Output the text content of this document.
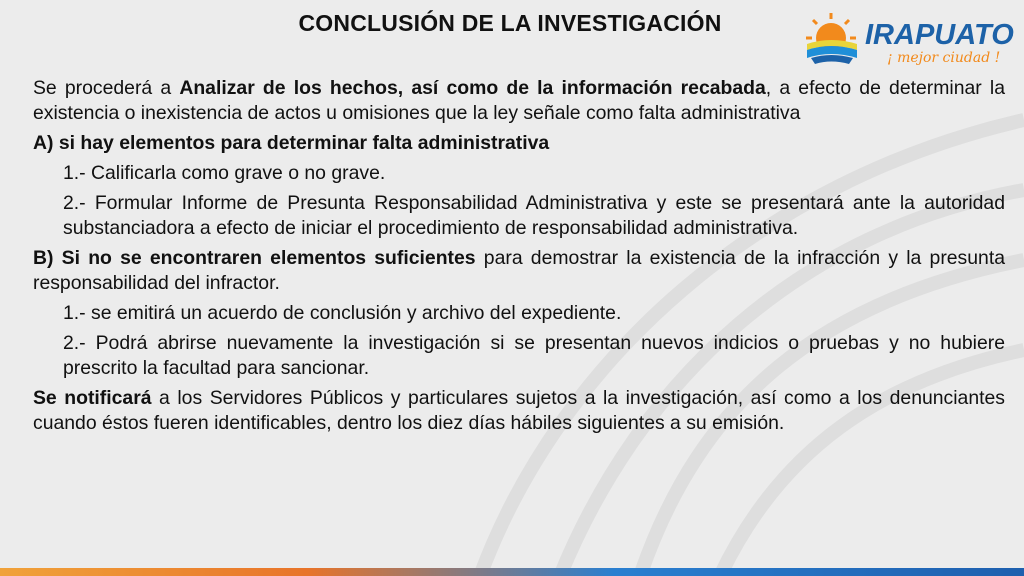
CONCLUSIÓN DE LA INVESTIGACIÓN	IRAPUATO
¡ mejor ciudad !

Se procederá a Analizar de los hechos, así como de la información recabada, a efecto de determinar la existencia o inexistencia de actos u omisiones que la ley señale como falta administrativa

A) si hay elementos para determinar falta administrativa

1.- Calificarla como grave o no grave.

2.- Formular Informe de Presunta Responsabilidad Administrativa y este se presentará ante la autoridad substanciadora a efecto de iniciar el procedimiento de responsabilidad administrativa.

B) Si no se encontraren elementos suficientes para demostrar la existencia de la infracción y la presunta responsabilidad del infractor.

1.- se emitirá un acuerdo de conclusión y archivo del expediente.

2.- Podrá abrirse nuevamente la investigación si se presentan nuevos indicios o pruebas y no hubiere prescrito la facultad para sancionar.

Se notificará a los Servidores Públicos y particulares sujetos a la investigación, así como a los denunciantes cuando éstos fueren identificables, dentro los diez días hábiles siguientes a su emisión.
